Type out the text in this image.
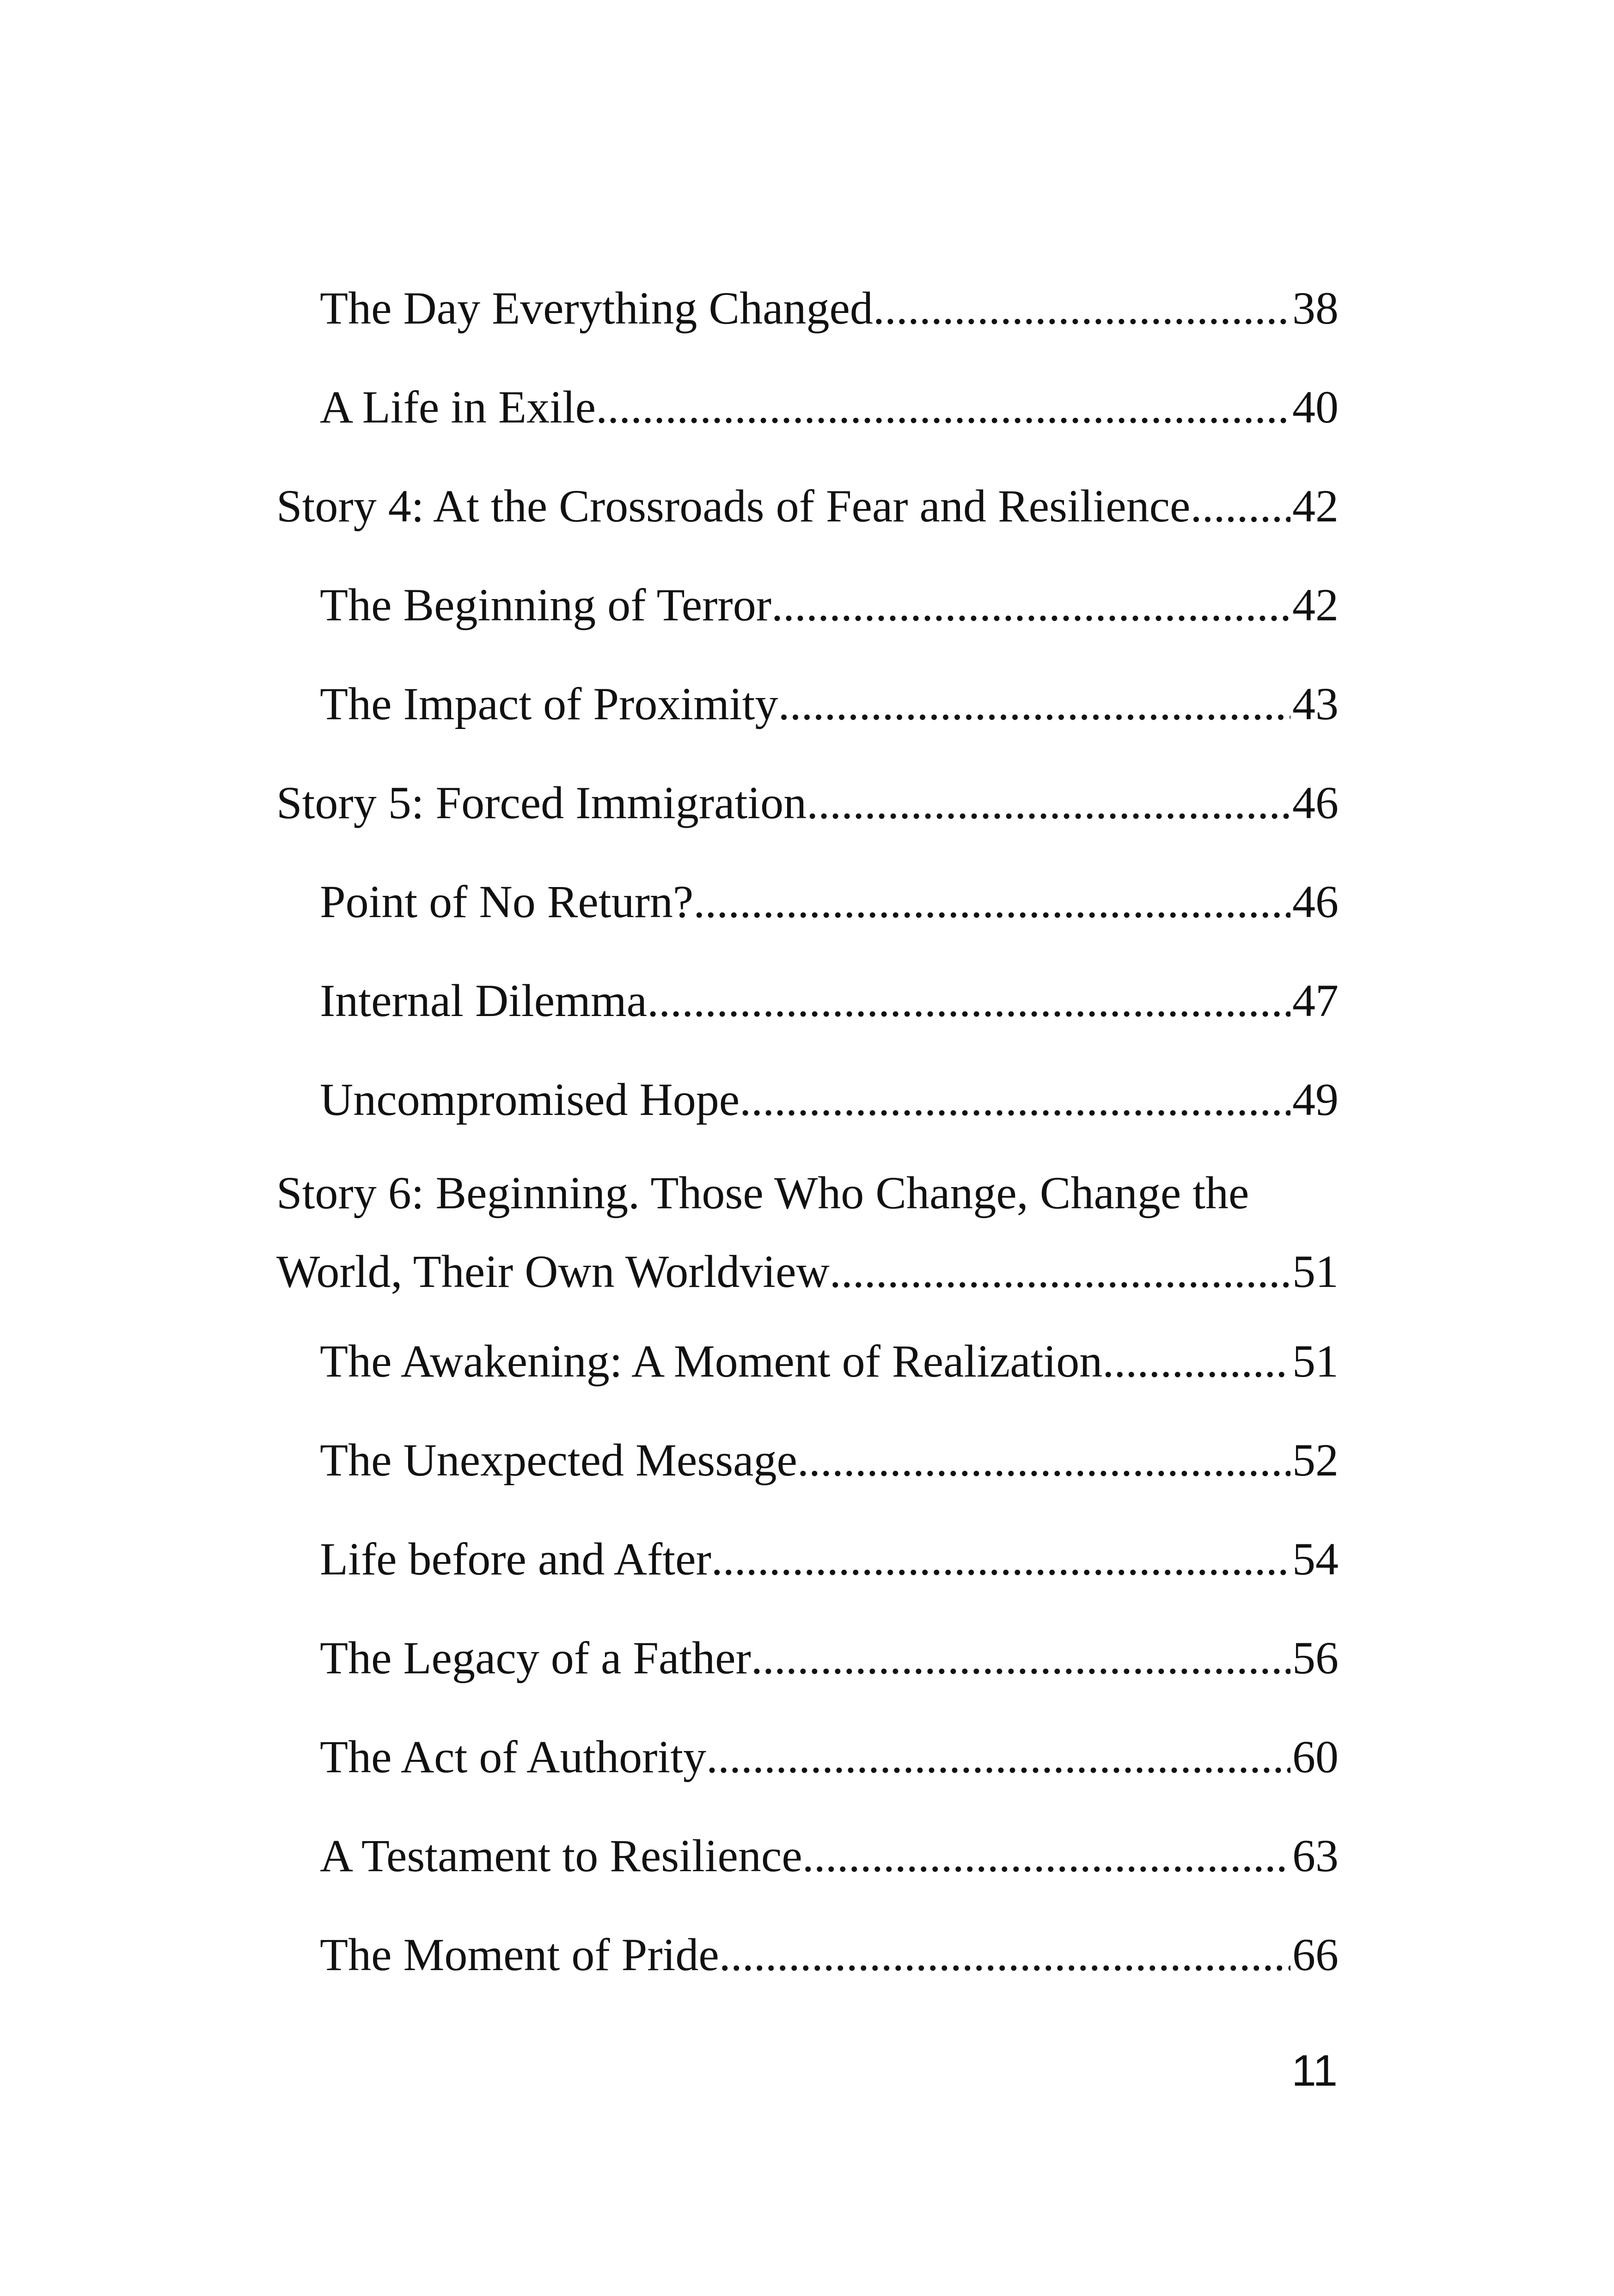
The Day Everything Changed .....	38
A Life in Exile .....	40
Story 4: At the Crossroads of Fear and Resilience ..... 42
The Beginning of Terror .....	42
The Impact of Proximity .....	43
Story 5: Forced Immigration .....	46
Point of No Return? .....	46
Internal Dilemma .....	47
Uncompromised Hope .....	49
Story 6: Beginning. Those Who Change, Change the
World, Their Own Worldview .....	51
The Awakening: A Moment of Realization .....	51
The Unexpected Message .....	52
Life before and After .....	54
The Legacy of a Father .....	56
The Act of Authority .....	60
A Testament to Resilience .....	63
The Moment of Pride .....	66
11
